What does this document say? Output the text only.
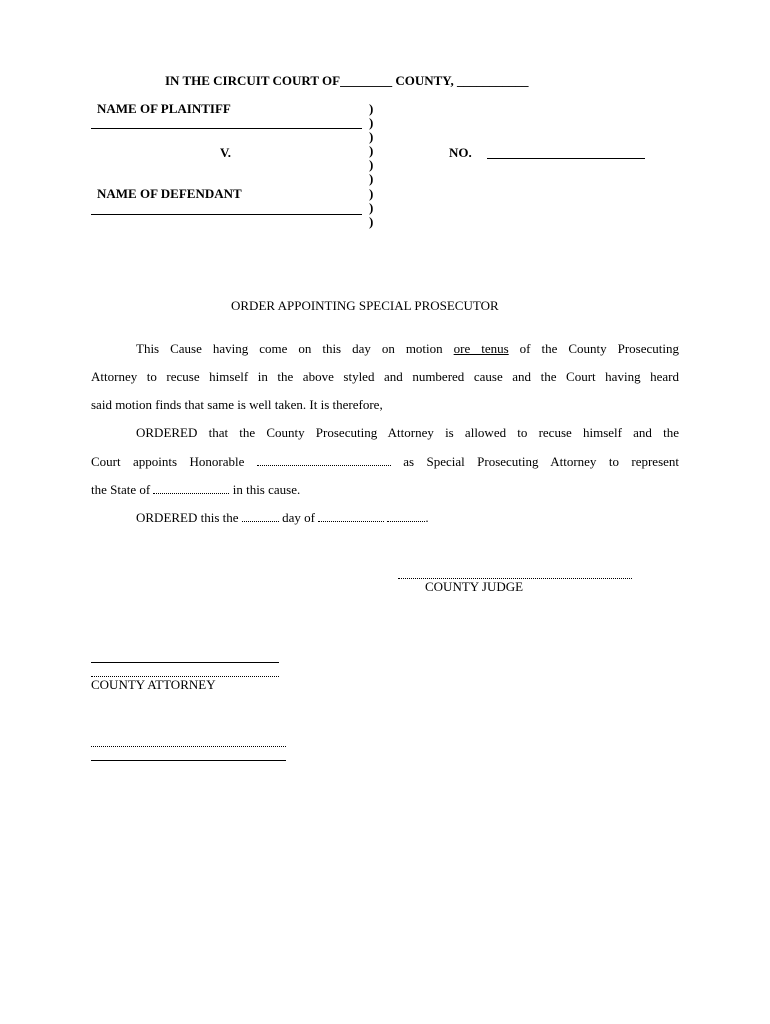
IN THE CIRCUIT COURT OF________ COUNTY, ___________
NAME OF PLAINTIFF
V.
NAME OF DEFENDANT
NO.
)
)
)
)
)
)
)
)
)
ORDER APPOINTING SPECIAL PROSECUTOR
This Cause having come on this day on motion ore tenus of the County Prosecuting
Attorney to recuse himself in the above styled and numbered cause and the Court having heard
said motion finds that same is well taken. It is therefore,
ORDERED that the County Prosecuting Attorney is allowed to recuse himself and the
Court appoints Honorable	as Special Prosecuting Attorney to represent
the State of	in this cause.
ORDERED this the	day of	.
COUNTY JUDGE
COUNTY ATTORNEY
